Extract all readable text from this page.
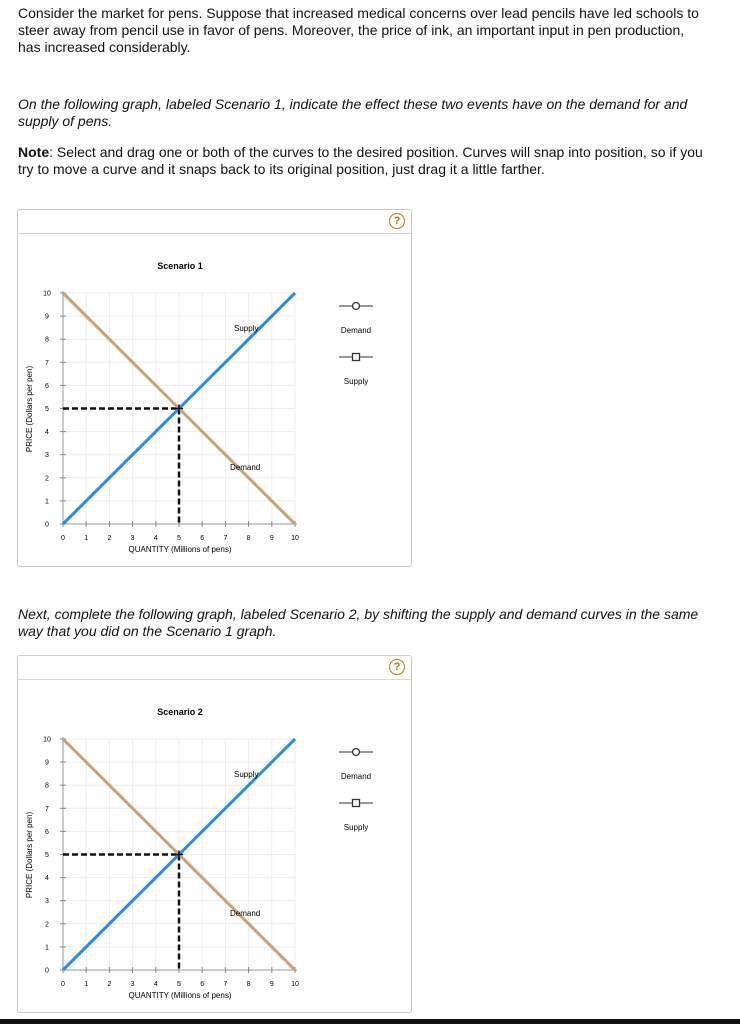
Consider the market for pens. Suppose that increased medical concerns over lead pencils have led schools to steer away from pencil use in favor of pens. Moreover, the price of ink, an important input in pen production, has increased considerably.

On the following graph, labeled Scenario 1, indicate the effect these two events have on the demand for and supply of pens.

Note: Select and drag one or both of the curves to the desired position. Curves will snap into position, so if you try to move a curve and it snaps back to its original position, just drag it a little farther.

?
Scenario 1
0
1
2
3
4
5
6
7
8
9
10
0	1	2	3	4	5	6	7	8	9 10
QUANTITY (Millions of pens)
PRICE (Dollars per pen)
Supply
Demand
Demand
Supply

Next, complete the following graph, labeled Scenario 2, by shifting the supply and demand curves in the same way that you did on the Scenario 1 graph.

?
Scenario 2
0
1
2
3
4
5
6
7
8
9
10
0	1	2	3	4	5	6	7	8	9 10
QUANTITY (Millions of pens)
PRICE (Dollars per pen)
Supply
Demand
Demand
Supply
